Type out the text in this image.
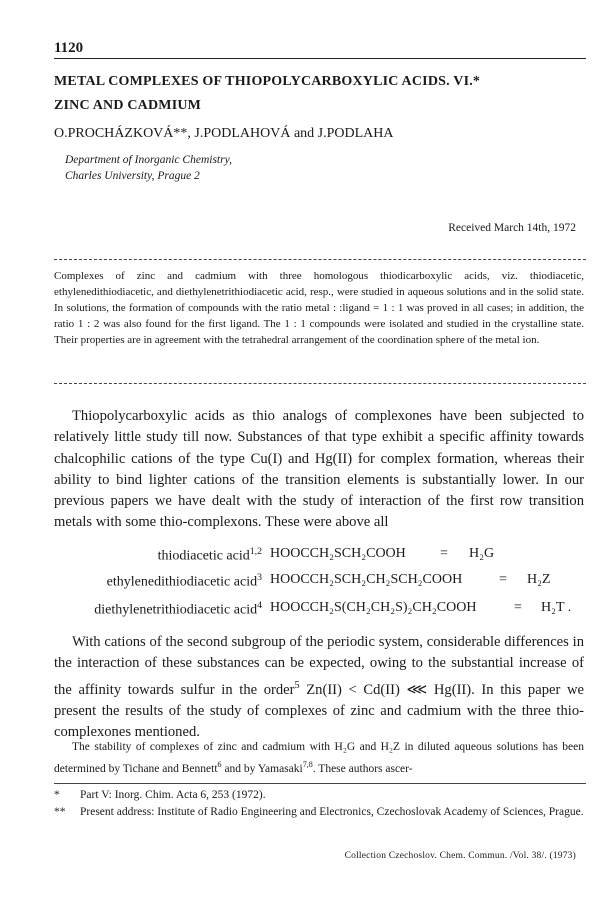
1120
METAL COMPLEXES OF THIOPOLYCARBOXYLIC ACIDS. VI.*
ZINC AND CADMIUM
O.PROCHÁZKOVÁ**, J.PODLAHOVÁ and J.PODLAHA
Department of Inorganic Chemistry,
Charles University, Prague 2
Received March 14th, 1972
Complexes of zinc and cadmium with three homologous thiodicarboxylic acids, viz. thiodiacetic, ethylenedithiodiacetic, and diethylenetrithiodiacetic acid, resp., were studied in aqueous solutions and in the solid state. In solutions, the formation of compounds with the ratio metal : :ligand = 1 : 1 was proved in all cases; in addition, the ratio 1 : 2 was also found for the first ligand. The 1 : 1 compounds were isolated and studied in the crystalline state. Their properties are in agreement with the tetrahedral arrangement of the coordination sphere of the metal ion.
Thiopolycarboxylic acids as thio analogs of complexones have been subjected to relatively little study till now. Substances of that type exhibit a specific affinity towards chalcophilic cations of the type Cu(I) and Hg(II) for complex formation, whereas their ability to bind lighter cations of the transition elements is substantially lower. In our previous papers we have dealt with the study of interaction of the first row transition metals with some thio-complexons. These were above all
thiodiacetic acid$^{1,2}$ HOOCCH₂SCH₂COOH = H₂G
ethylenedithiodiacetic acid$^3$ HOOCCH₂SCH₂CH₂SCH₂COOH	= H₂Z
diethylenetrithiodiacetic acid$^4$ HOOCCH₂S(CH₂CH₂S)₂CH₂COOH	= H₂T .
With cations of the second subgroup of the periodic system, considerable differences in the interaction of these substances can be expected, owing to the substantial increase of the affinity towards sulfur in the order$^5$ Zn(II) < Cd(II) ⋘ Hg(II). In this paper we present the results of the study of complexes of zinc and cadmium with the three thio-complexones mentioned.
The stability of complexes of zinc and cadmium with H₂G and H₂Z in diluted aqueous solutions has been determined by Tichane and Bennett$^6$ and by Yamasaki$^{7,8}$. These authors ascer-
*	Part V: Inorg. Chim. Acta 6, 253 (1972).
**	Present address: Institute of Radio Engineering and Electronics, Czechoslovak Academy of Sciences, Prague.
Collection Czechoslov. Chem. Commun. /Vol. 38/. (1973)
